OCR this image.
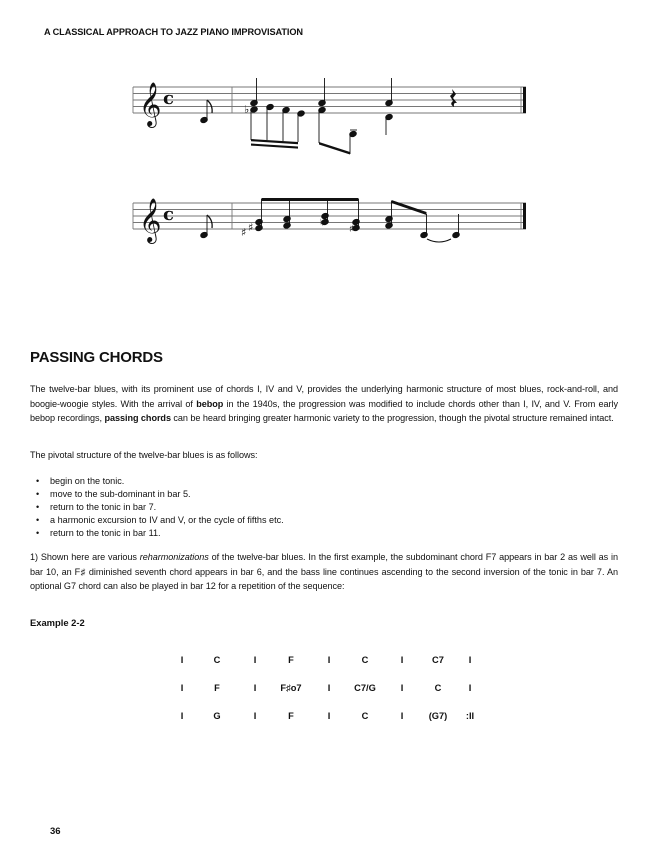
A CLASSICAL APPROACH TO JAZZ PIANO IMPROVISATION
𝄞 c
♭
𝄞 c
♯ ♯	♮
♯
PASSING CHORDS
The twelve-bar blues, with its prominent use of chords I, IV and V, provides the underlying harmonic structure of most blues, rock-and-roll, and boogie-woogie styles. With the arrival of bebop in the 1940s, the progression was modified to include chords other than I, IV, and V. From early bebop recordings, passing chords can be heard bringing greater harmonic variety to the progression, though the pivotal structure remained intact.
The pivotal structure of the twelve-bar blues is as follows:
• begin on the tonic.
• move to the sub-dominant in bar 5.
• return to the tonic in bar 7.
• a harmonic excursion to IV and V, or the cycle of fifths etc.
• return to the tonic in bar 11.
1) Shown here are various reharmonizations of the twelve-bar blues. In the first example, the subdominant chord F7 appears in bar 2 as well as in bar 10, an F♯ diminished seventh chord appears in bar 6, and the bass line continues ascending to the second inversion of the tonic in bar 7. An optional G7 chord can also be played in bar 12 for a repetition of the sequence:
Example 2-2
I	C	I	F	I	C	I	C7	I
I	F	I	F♯o7	I	C7/G	I	C	I
I	G	I	F	I	C	I	(G7)	:II
36
